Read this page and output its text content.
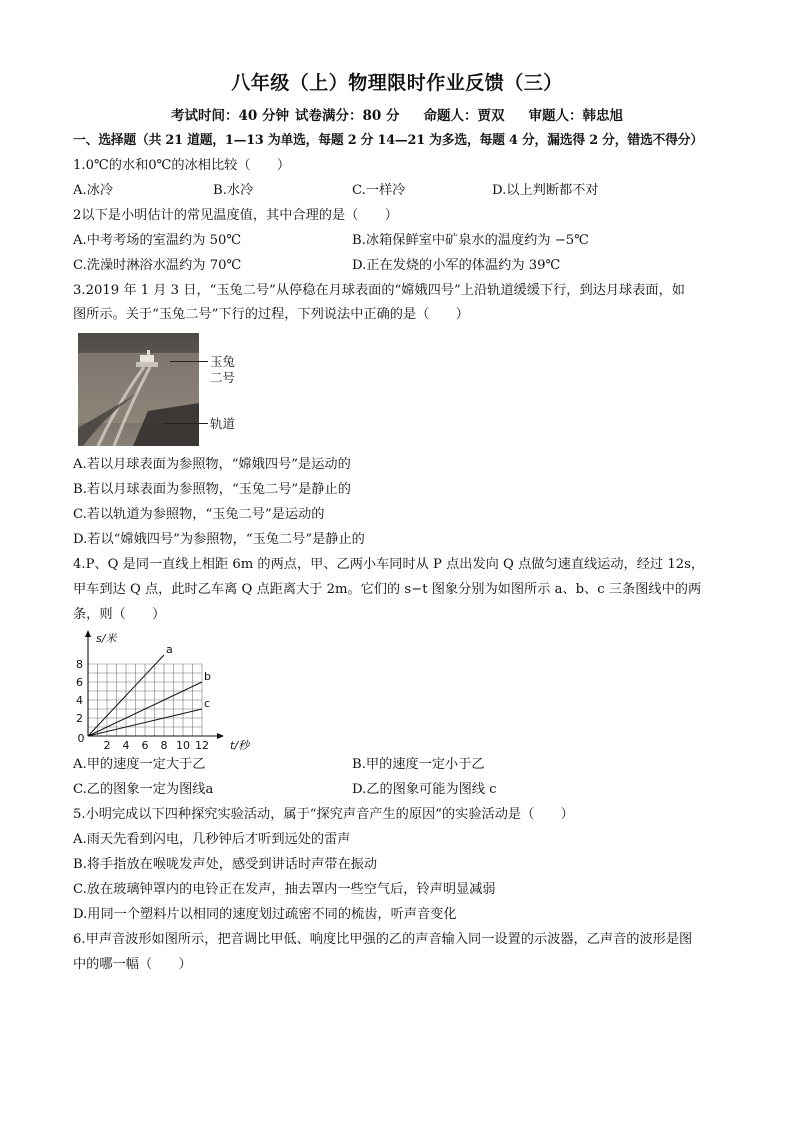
八年级（上）物理限时作业反馈（三）
考试时间：40 分钟 试卷满分：80 分 命题人：贾双 审题人：韩忠旭
一、选择题（共 21 道题，1—13 为单选，每题 2 分 14—21 为多选，每题 4 分，漏选得 2 分，错选不得分）
1.0℃的水和0℃的冰相比较（　　）
A.冰冷	B.水冷	C.一样冷	D.以上判断都不对
2以下是小明估计的常见温度值，其中合理的是（　　）
A.中考考场的室温约为 50℃	B.冰箱保鲜室中矿泉水的温度约为 −5℃
C.洗澡时淋浴水温约为 70℃	D.正在发烧的小军的体温约为 39℃
3.2019 年 1 月 3 日，“玉兔二号”从停稳在月球表面的“嫦娥四号”上沿轨道缓缓下行，到达月球表面，如
图所示。关于“玉兔二号”下行的过程，下列说法中正确的是（　　）
玉兔
二号
轨道
A.若以月球表面为参照物，“嫦娥四号”是运动的
B.若以月球表面为参照物，“玉兔二号”是静止的
C.若以轨道为参照物，“玉兔二号”是运动的
D.若以“嫦娥四号”为参照物，“玉兔二号”是静止的
4.P、Q 是同一直线上相距 6m 的两点，甲、乙两小车同时从 P 点出发向 Q 点做匀速直线运动，经过 12s，
甲车到达 Q 点，此时乙车离 Q 点距离大于 2m。它们的 s−t 图象分别为如图所示 a、b、c 三条图线中的两
条，则（　　）
2 4 6 8 10 12
2
4
6
8
0
t/秒
s/米
a
b
c
A.甲的速度一定大于乙	B.甲的速度一定小于乙
C.乙的图象一定为图线a	D.乙的图象可能为图线 c
5.小明完成以下四种探究实验活动，属于“探究声音产生的原因”的实验活动是（　　）
A.雨天先看到闪电，几秒钟后才听到远处的雷声
B.将手指放在喉咙发声处，感受到讲话时声带在振动
C.放在玻璃钟罩内的电铃正在发声，抽去罩内一些空气后，铃声明显减弱
D.用同一个塑料片以相同的速度划过疏密不同的梳齿，听声音变化
6.甲声音波形如图所示，把音调比甲低、响度比甲强的乙的声音输入同一设置的示波器，乙声音的波形是图
中的哪一幅（　　）
